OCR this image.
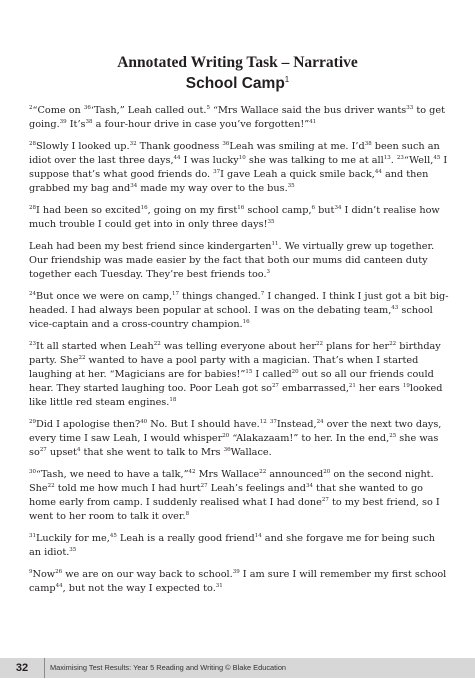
Annotated Writing Task – Narrative
School Camp$^1$

$^2$“Come on $^{36}$‘Tash,” Leah called out.$^5$ “Mrs Wallace said the bus driver wants$^{33}$ to get going.$^{39}$ $It’s^{38}$ a four-hour drive in case you’ve forgotten!”$^{41}$

$^{28}$Slowly I looked up.$^{32}$ Thank goodness $^{36}$Leah was smiling at me. $I’d^{38}$ been such an idiot over the last three days,$^{44}$ I was lucky$^{10}$ she was talking to me at all$^{13}$. $^{23}$“Well,$^{45}$ I suppose that’s what good friends do. $^{37}$I gave Leah a quick smile back,$^{44}$ and then grabbed my bag and$^{34}$ made my way over to the bus.$^{35}$

$^{28}$I had been so excited$^{16}$, going on my first$^{16}$ school camp,$^6$ but$^{34}$ I didn’t realise how much trouble I could get into in only three days!$^{35}$

Leah had been my best friend since kindergarten$^{11}$. We virtually grew up together. Our friendship was made easier by the fact that both our mums did canteen duty together each Tuesday. They’re best friends too.$^3$

$^{24}$But once we were on camp,$^{17}$ things changed.$^7$ I changed. I think I just got a bit big-headed. I had always been popular at school. I was on the debating team,$^{43}$ school vice-captain and a cross-country champion.$^{16}$

$^{23}$It all started when Leah$^{22}$ was telling everyone about her$^{22}$ plans for her$^{22}$ birthday party. She$^{22}$ wanted to have a pool party with a magician. That’s when I started laughing at her. “Magicians are for babies!”$^{15}$ I called$^{20}$ out so all our friends could hear. They started laughing too. Poor Leah got $so^{27}$ embarrassed,$^{21}$ her ears $^{19}$looked like little red steam engines.$^{18}$

$^{29}$Did I apologise then?$^{40}$ No. But I should have.$^{12}$ $^{37}$Instead,$^{24}$ over the next two days, every time I saw Leah, I would whisper$^{20}$ “Alakazaam!” to her. In the end,$^{25}$ she was $so^{27}$ upset$^4$ that she went to talk to Mrs $^{36}$Wallace.

$^{30}$“Tash, we need to have a talk,”$^{42}$ Mrs Wallace$^{22}$ announced$^{20}$ on the second night. She$^{22}$ told me how much I had hurt$^{27}$ Leah’s feelings and$^{34}$ that she wanted to go home early from camp. I suddenly realised what I had done$^{27}$ to my best friend, so I went to her room to talk it over.$^8$

$^{31}$Luckily for me,$^{45}$ Leah is a really good friend$^{14}$ and she forgave me for being such an idiot.$^{35}$

$^9$Now$^{26}$ we are on our way back to school.$^{39}$ I am sure I will remember my first school camp$^{44}$, but not the way I expected to.$^{31}$

32	Maximising Test Results: Year 5 Reading and Writing © Blake Education
